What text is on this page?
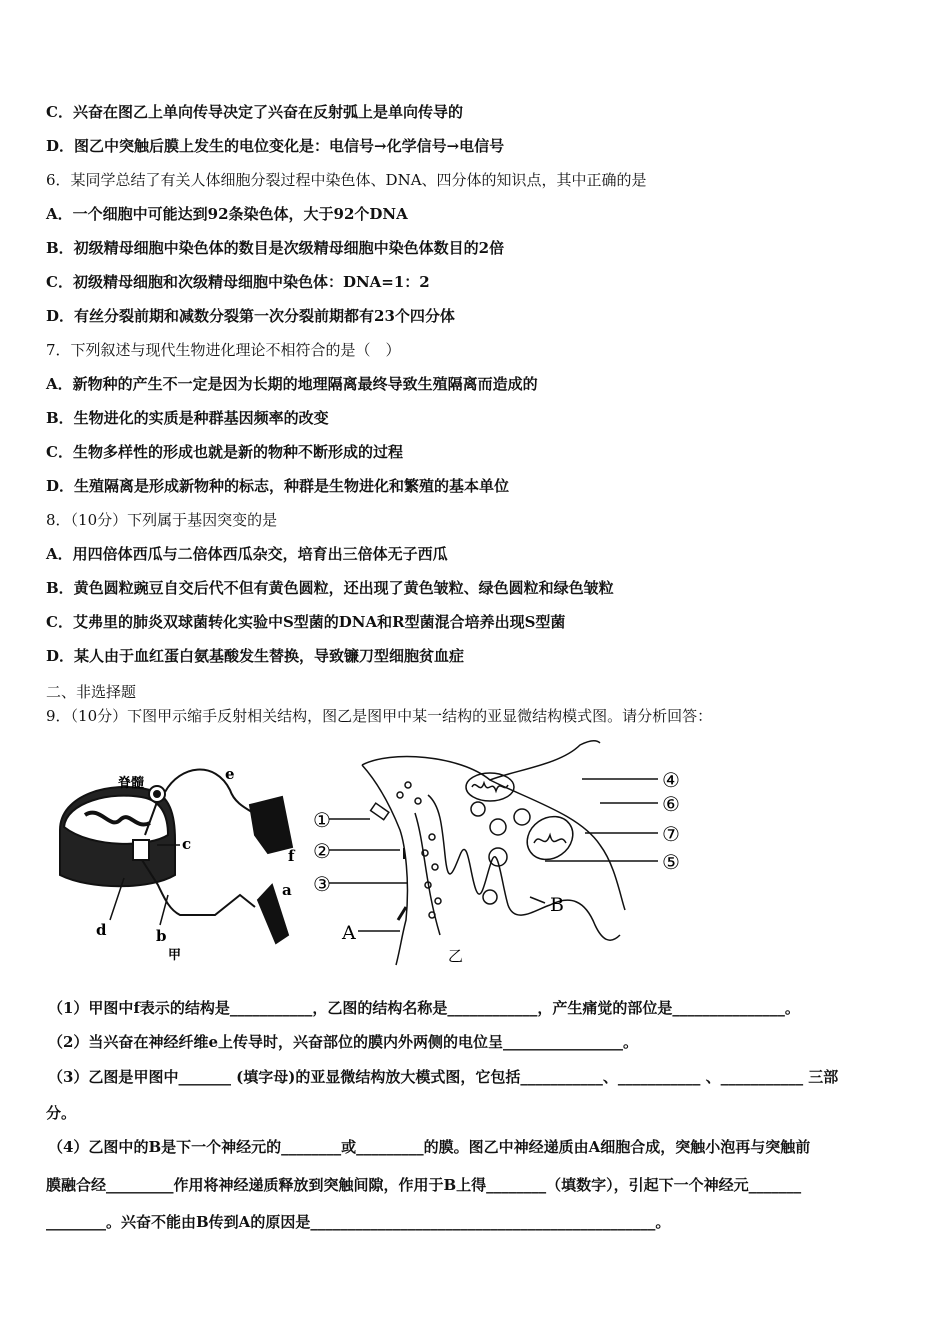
C．兴奋在图乙上单向传导决定了兴奋在反射弧上是单向传导的
D．图乙中突触后膜上发生的电位变化是：电信号→化学信号→电信号
6．某同学总结了有关人体细胞分裂过程中染色体、DNA、四分体的知识点，其中正确的是
A．一个细胞中可能达到92条染色体，大于92个DNA
B．初级精母细胞中染色体的数目是次级精母细胞中染色体数目的2倍
C．初级精母细胞和次级精母细胞中染色体：DNA=1：2
D．有丝分裂前期和减数分裂第一次分裂前期都有23个四分体
7．下列叙述与现代生物进化理论不相符合的是（　）
A．新物种的产生不一定是因为长期的地理隔离最终导致生殖隔离而造成的
B．生物进化的实质是种群基因频率的改变
C．生物多样性的形成也就是新的物种不断形成的过程
D．生殖隔离是形成新物种的标志，种群是生物进化和繁殖的基本单位
8．（10分）下列属于基因突变的是
A．用四倍体西瓜与二倍体西瓜杂交，培育出三倍体无子西瓜
B．黄色圆粒豌豆自交后代不但有黄色圆粒，还出现了黄色皱粒、绿色圆粒和绿色皱粒
C．艾弗里的肺炎双球菌转化实验中S型菌的DNA和R型菌混合培养出现S型菌
D．某人由于血红蛋白氨基酸发生替换，导致镰刀型细胞贫血症
二、非选择题
9．（10分）下图甲示缩手反射相关结构，图乙是图甲中某一结构的亚显微结构模式图。请分析回答：
脊髓
e
c
f
a
d	b
甲
①
②
③
④
⑥
⑦
⑤
A
B
乙
（1）甲图中f表示的结构是___________，乙图的结构名称是____________，产生痛觉的部位是_______________。
（2）当兴奋在神经纤维e上传导时，兴奋部位的膜内外两侧的电位呈________________。
（3）乙图是甲图中_______ (填字母)的亚显微结构放大模式图，它包括___________、___________ 、___________ 三部
分。
（4）乙图中的B是下一个神经元的________或_________的膜。图乙中神经递质由A细胞合成，突触小泡再与突触前
膜融合经_________作用将神经递质释放到突触间隙，作用于B上得________（填数字），引起下一个神经元_______
________。兴奋不能由B传到A的原因是______________________________________________。
